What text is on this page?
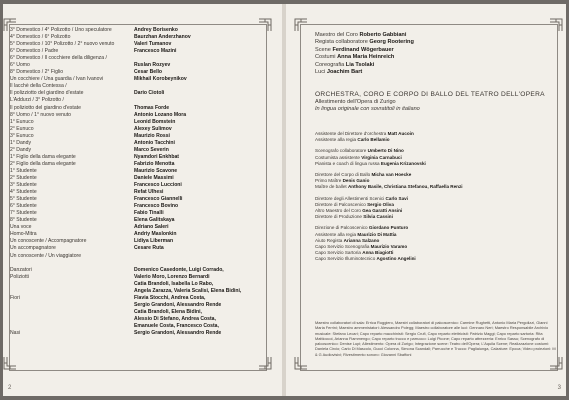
3° Domestico / 4° Polizotto / Uno speculatore
4° Domestico / 6° Polizotto
5° Domestico / 10° Polizotto / 2° nuovo venuto
6° Domestico / Padre
6° Domestico / Il cocchiere della diligenza /
6° Uomo
8° Domestico / 2° Figlio
Un cocchiere / Una guardia / Ivan Ivanovi
Il lacchè della Contessa /
Il polizziotto del giardino d'estate
L'Addurzi / 3° Polizotto /
Il poliziotto del giardino d'estate
8° Uomo / 1° nuovo venuto
1° Eunuco
2° Eunuco
3° Eunuco
1° Dandy
2° Dandy
1° Figlio della dama elegante
2° Figlio della dama elegante
1° Studente
2° Studente
3° Studente
4° Studente
5° Studente
6° Studente
7° Studente
8° Studente
Una voce
Homo-Mitra
Un conoscente / Accompagnatore
Un accompagnatore
Un conoscente / Un viaggiatore
Danzatori
Poliziotti
Fiori
Nasi
Andrey Borisenko
Baurzhan Anderzhanov
Valeri Tumanov
Francesco Mazini
Ruslan Rozyev
Cesar Bello
Mikhail Korobeynikov
Dario Ciotoli
Thomas Forde
Antonio Lozano Mora
Leonid Bomstein
Alexey Sulimov
Maurizio Rossi
Antonio Tacchini
Marco Severin
Nyamdori Enkhbat
Fabrizio Menotta
Maurizio Scavone
Daniele Massimi
Francesco Luccioni
Refat Ulhesi
Francesco Giannelli
Francesco Bovino
Fabio Tinalli
Elena Galitskaya
Adriano Saleri
Andriy Maslonkin
Lidiya Liberman
Cesare Ruta
Domenico Casedonte, Luigi Corrado,
Valerio Moro, Lorenzo Bernardi
Catia Brandoli, Isabella Lo Rabo,
Angela Zarazza, Valeria Scalisi, Elena Bidini,
Flavia Stocchi, Andrea Costa,
Sergio Grandoni, Alessandro Rende
Catia Brandoli, Elena Bidini,
Alessio Di Stefano, Andrea Costa,
Emanuele Costa, Francesco Costa,
Sergio Grandoni, Alessandro Rende
2
Maestro del Coro Roberto Gabbiani
Regista collaboratore Georg Rootering
Scene Ferdinand Wögerbauer
Costumi Anna Maria Heinreich
Coreografia Lia Tsolaki
Luci Joachim Bart
ORCHESTRA, CORO E CORPO DI BALLO DEL TEATRO DELL'OPERA
Allestimento dell'Opera di Zurigo
In lingua originale con sovratitoli in italiano
Assistente del Direttore d'orchestra Matt Aucoin
Assistente alla regia Carlo Bellamio
Scenografo collaboratore Umberto Di Nino
Costumista assistente Virginia Carnabuci
Pianista e coach di lingua russa Eugenia Krizanovski
Direttore del Corpo di Ballo Micha van Hoecke
Primo Maître Denis Ganio
Maître de ballet Anthony Basile, Christiana Stefanou, Raffaella Renzi
Direttore degli Allestimenti Scenici Carlo Savi
Direttore di Palcoscenico Sergio Oliva
Altro Maestro del Coro Gea Garatti Ansini
Direttore di Produzione Silvia Cassini
Direzione di Palcoscenico Giordano Punturo
Assistente alla regia Maurizio Di Mattia
Aiuto Regista Arianna Salzano
Capo Servizio Scenografia Maurizio Varamo
Capo Servizio Sartoria Anna Biagiotti
Capo Servizio Illuminotecnico Agostino Angelini
Maestro collaboratori di sala: Errica Ruggiero, Maestri collaboratori di palcoscenico: Carmine Rughetti, Antonio Maria Pergolizzi, Gianni Maria Ferrini; Maestro ammenistatori: Alessandro Polegg; Maestro collaboratore alle luci: Gennaro Neri; Maestro Responsabile Archivio musicale: Stefano Lecari; Capo reparto macchinisti: Sergio Crufi, Capo reparto elettricisti: Patrizio Maggi; Capo reparto sartoria: Rita Mattioccoi, Arianna Fiammengo; Capo reparto trucco e parrucco: Luigi Picone; Capo reparto attrezzeria: Enrico Sassu; Scenografo di palcoscenico: Denise Lupi; Allestimento: Opera di Zurigo; Integrazione scene: Teatro dell'Opera; L'Aquila Scene; Realizzazione costumi: Daniela Circio; Carlo Di Mascolo, Gucci Colonna, Simona Scandali; Parrucche e Trucco: Pagliaiunga, Calzature: Epoca; Video proiezioni: M & G Audiovisivi; Rivestimento sonoro: Giovanni Sbaffoni
3
